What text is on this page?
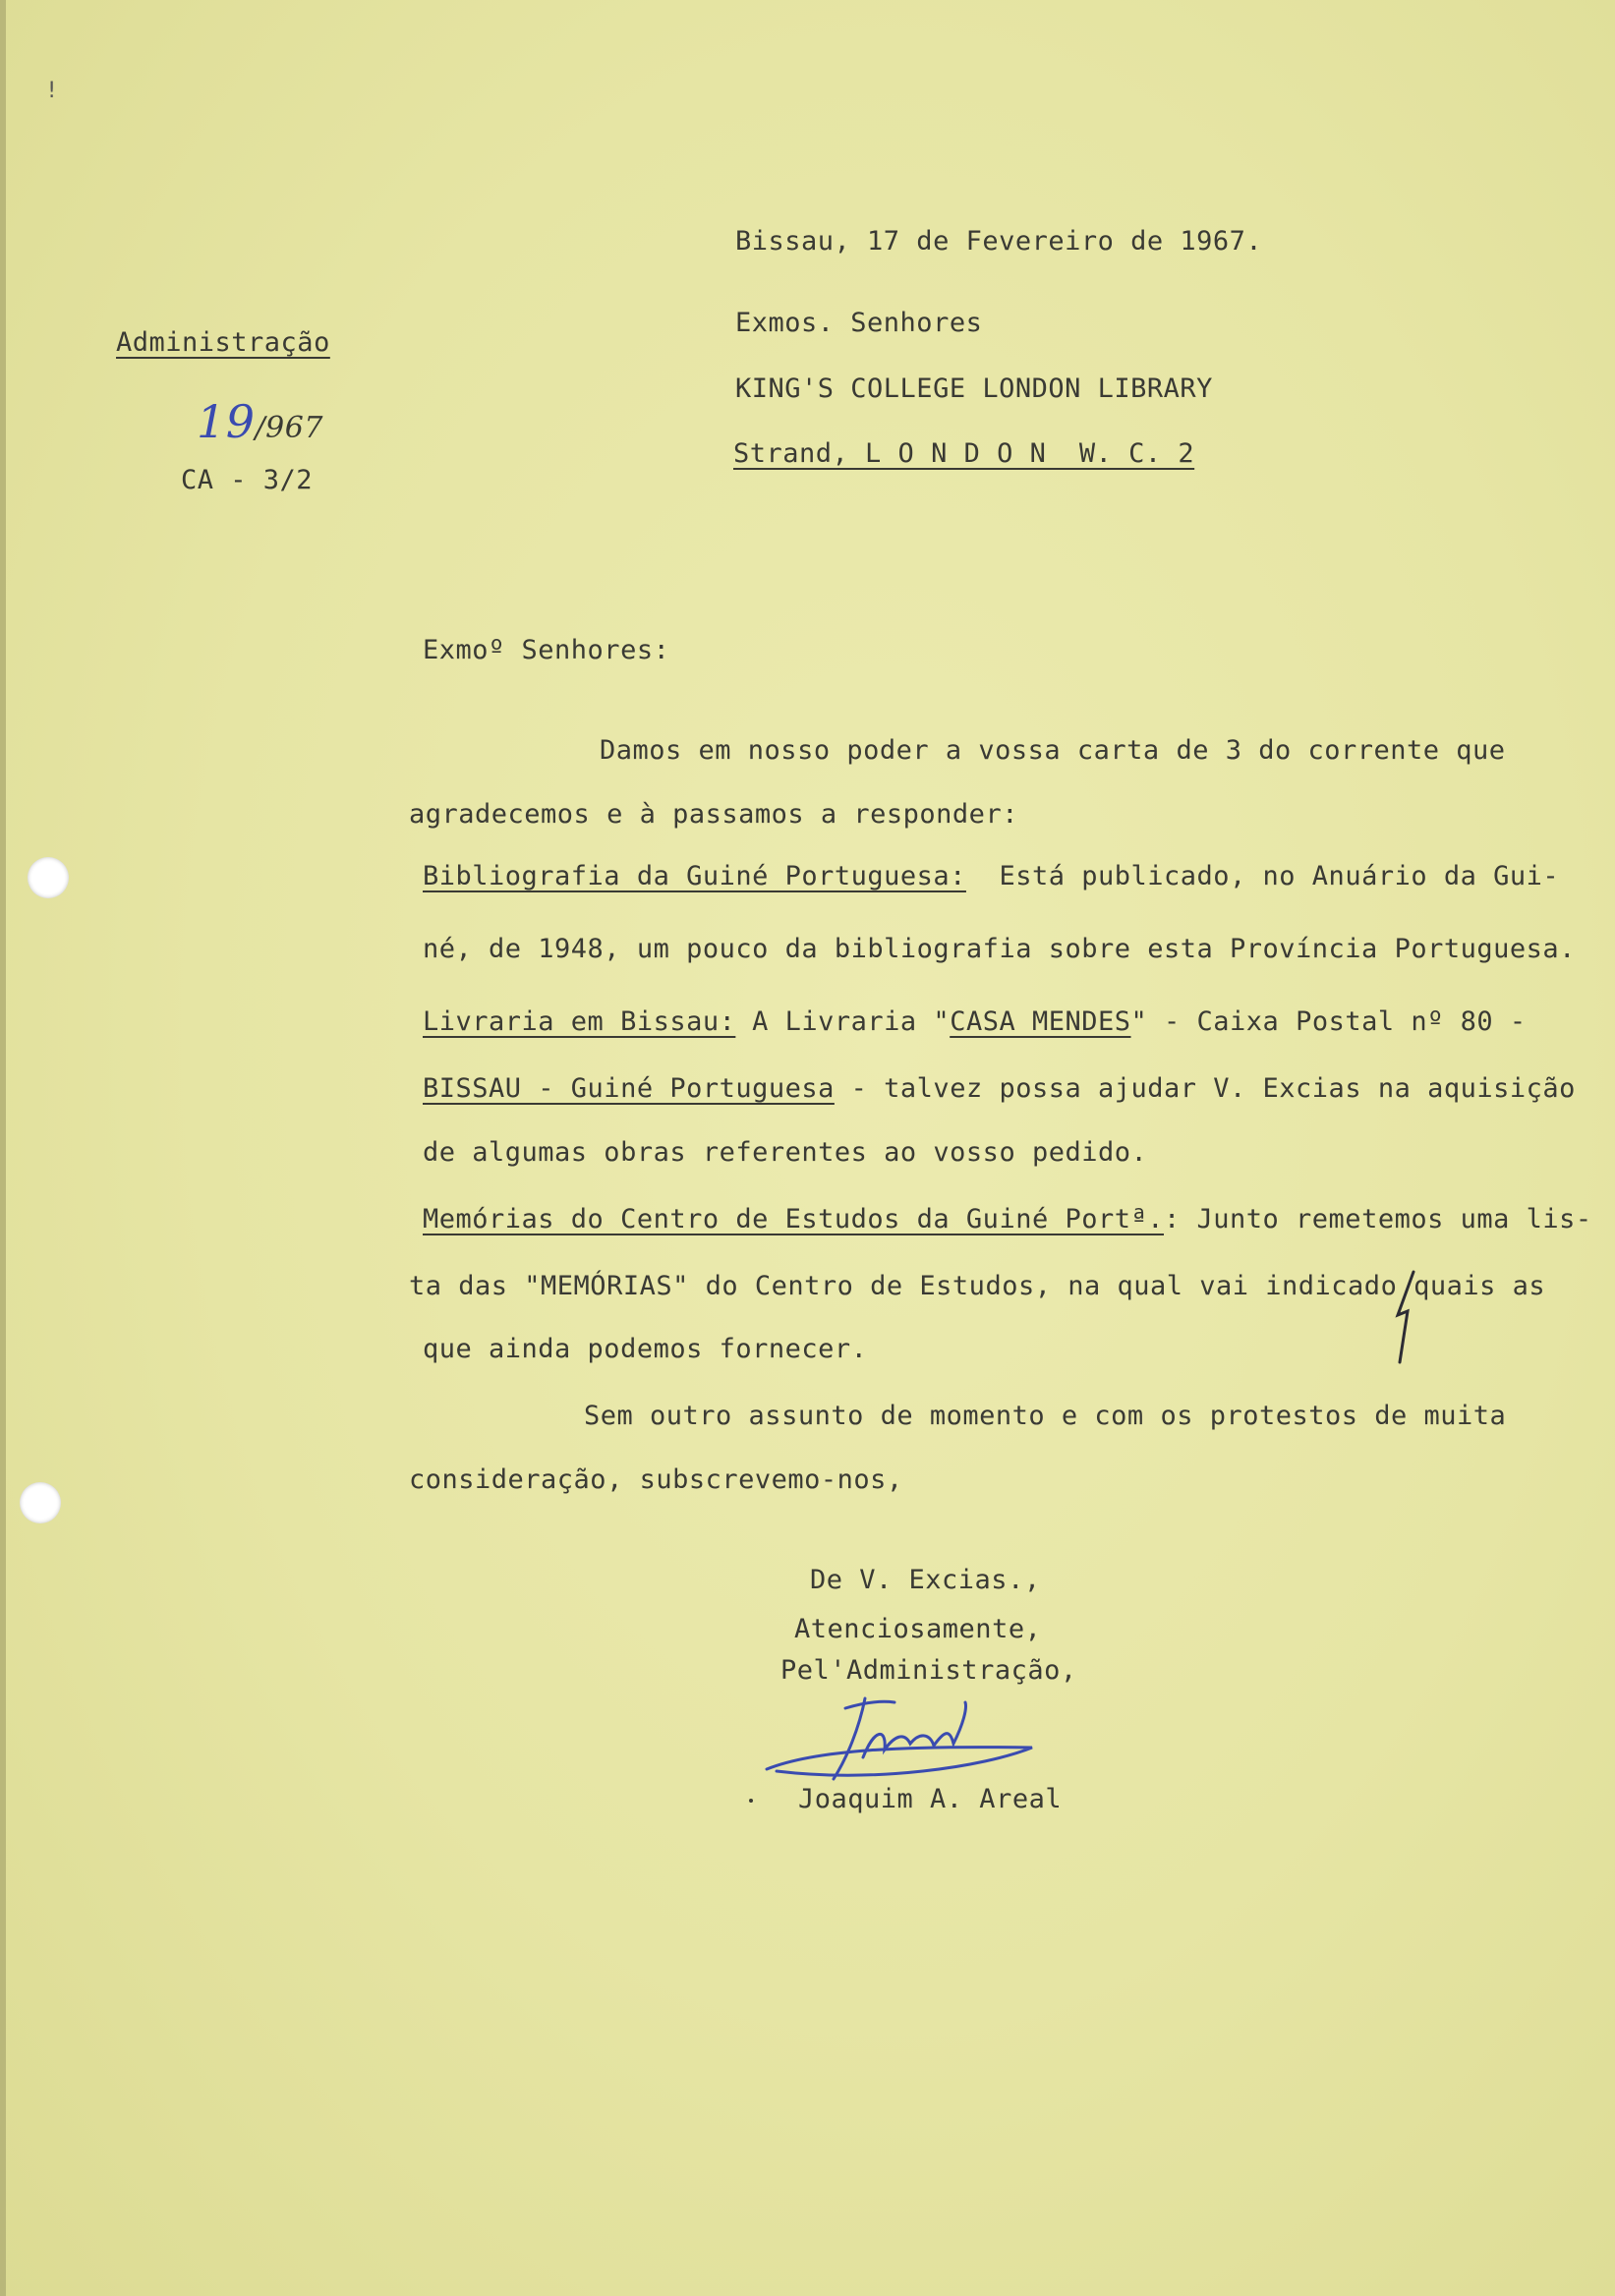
!
Administração
19/967
CA - 3/2
Bissau, 17 de Fevereiro de 1967.
Exmos. Senhores
KING'S COLLEGE LONDON LIBRARY
Strand, L O N D O N  W. C. 2
Exmoº Senhores:
Damos em nosso poder a vossa carta de 3 do corrente que
agradecemos e à passamos a responder:
Bibliografia da Guiné Portuguesa: Está publicado, no Anuário da Gui-
né, de 1948, um pouco da bibliografia sobre esta Província Portuguesa.
Livraria em Bissau: A Livraria "CASA MENDES" - Caixa Postal nº 80 -
BISSAU - Guiné Portuguesa - talvez possa ajudar V. Excias na aquisição
de algumas obras referentes ao vosso pedido.
Memórias do Centro de Estudos da Guiné Portª.: Junto remetemos uma lis-
ta das "MEMÓRIAS" do Centro de Estudos, na qual vai indicado quais as
que ainda podemos fornecer.
Sem outro assunto de momento e com os protestos de muita
consideração, subscrevemo-nos,
De V. Excias.,
Atenciosamente,
Pel'Administração,
Joaquim A. Areal
